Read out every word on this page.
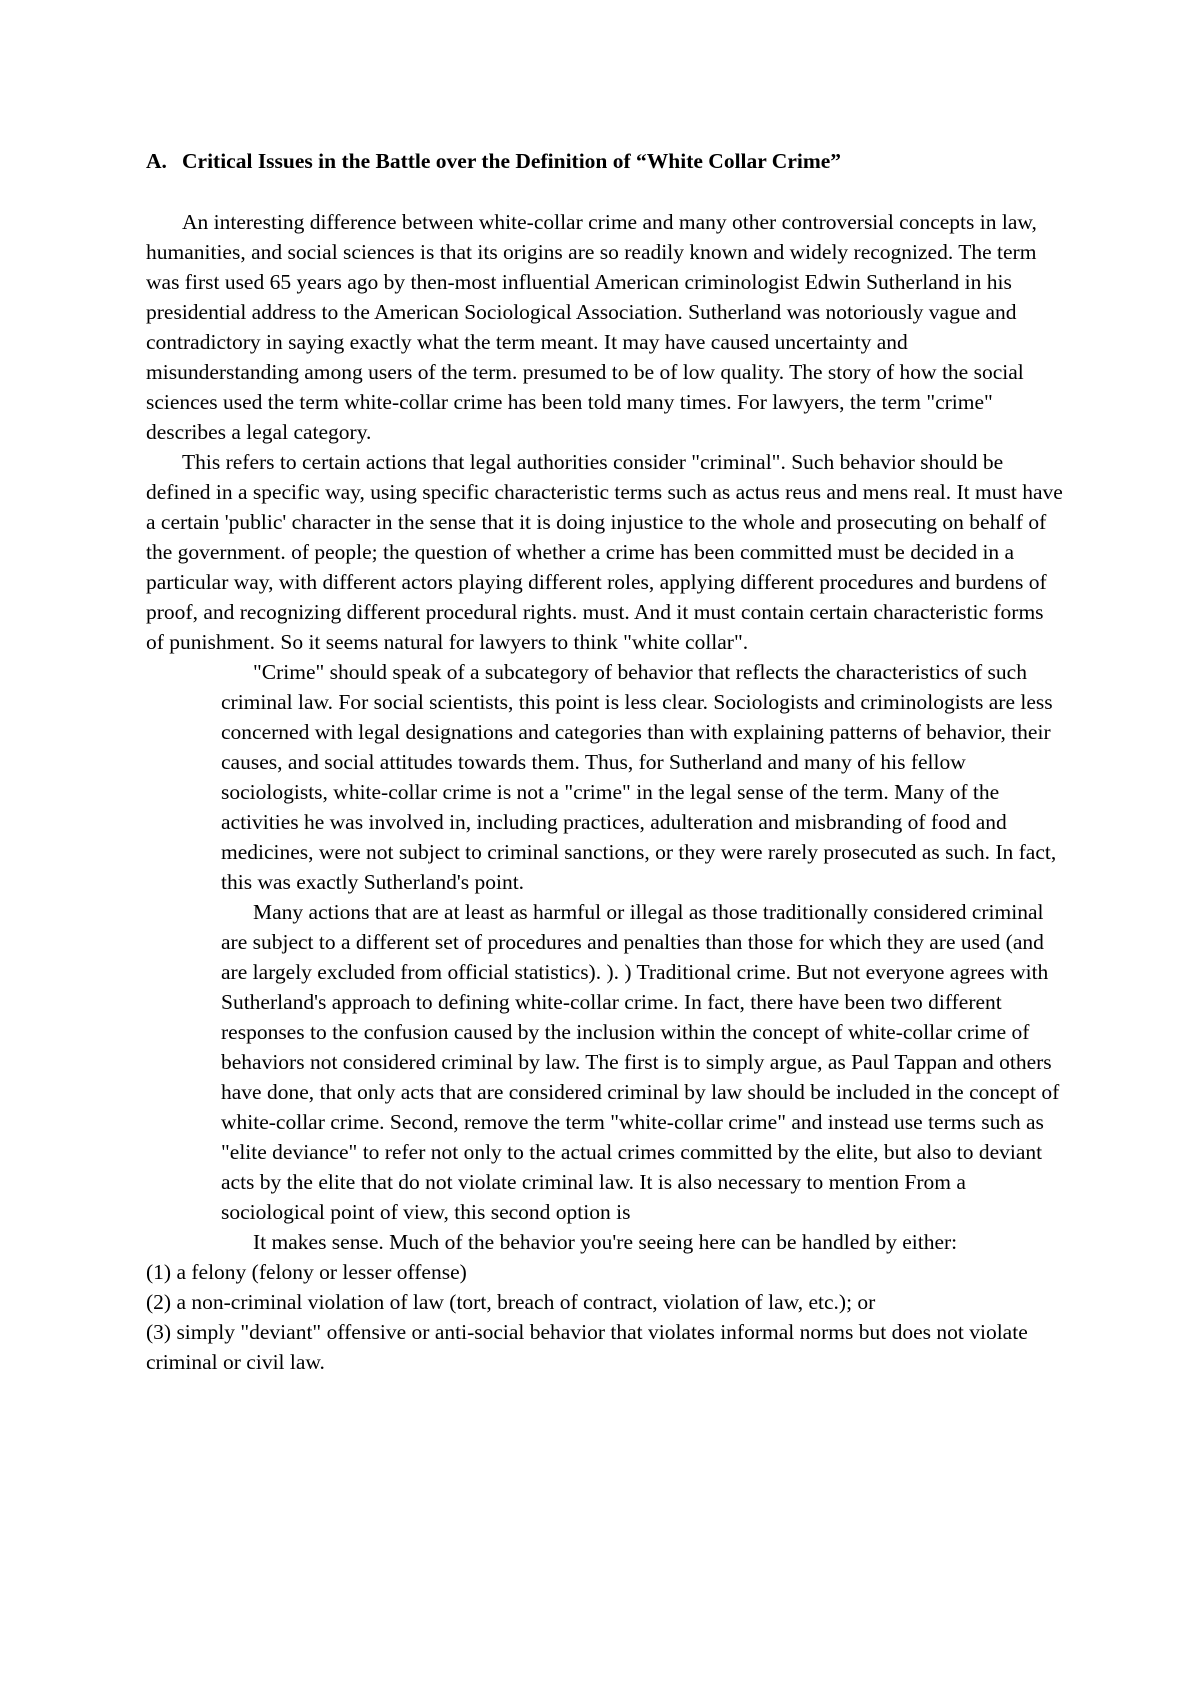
A. Critical Issues in the Battle over the Definition of “White Collar Crime”

An interesting difference between white-collar crime and many other controversial concepts in law, humanities, and social sciences is that its origins are so readily known and widely recognized. The term was first used 65 years ago by then-most influential American criminologist Edwin Sutherland in his presidential address to the American Sociological Association. Sutherland was notoriously vague and contradictory in saying exactly what the term meant. It may have caused uncertainty and misunderstanding among users of the term. presumed to be of low quality. The story of how the social sciences used the term white-collar crime has been told many times. For lawyers, the term "crime" describes a legal category.

This refers to certain actions that legal authorities consider "criminal". Such behavior should be defined in a specific way, using specific characteristic terms such as actus reus and mens real. It must have a certain 'public' character in the sense that it is doing injustice to the whole and prosecuting on behalf of the government. of people; the question of whether a crime has been committed must be decided in a particular way, with different actors playing different roles, applying different procedures and burdens of proof, and recognizing different procedural rights. must. And it must contain certain characteristic forms of punishment. So it seems natural for lawyers to think "white collar".

"Crime" should speak of a subcategory of behavior that reflects the characteristics of such criminal law. For social scientists, this point is less clear. Sociologists and criminologists are less concerned with legal designations and categories than with explaining patterns of behavior, their causes, and social attitudes towards them. Thus, for Sutherland and many of his fellow sociologists, white-collar crime is not a "crime" in the legal sense of the term. Many of the activities he was involved in, including practices, adulteration and misbranding of food and medicines, were not subject to criminal sanctions, or they were rarely prosecuted as such. In fact, this was exactly Sutherland's point.

Many actions that are at least as harmful or illegal as those traditionally considered criminal are subject to a different set of procedures and penalties than those for which they are used (and are largely excluded from official statistics). ). ) Traditional crime. But not everyone agrees with Sutherland's approach to defining white-collar crime. In fact, there have been two different responses to the confusion caused by the inclusion within the concept of white-collar crime of behaviors not considered criminal by law. The first is to simply argue, as Paul Tappan and others have done, that only acts that are considered criminal by law should be included in the concept of white-collar crime. Second, remove the term "white-collar crime" and instead use terms such as "elite deviance" to refer not only to the actual crimes committed by the elite, but also to deviant acts by the elite that do not violate criminal law. It is also necessary to mention From a sociological point of view, this second option is

It makes sense. Much of the behavior you're seeing here can be handled by either:

(1) a felony (felony or lesser offense)

(2) a non-criminal violation of law (tort, breach of contract, violation of law, etc.); or

(3) simply "deviant" offensive or anti-social behavior that violates informal norms but does not violate criminal or civil law.
